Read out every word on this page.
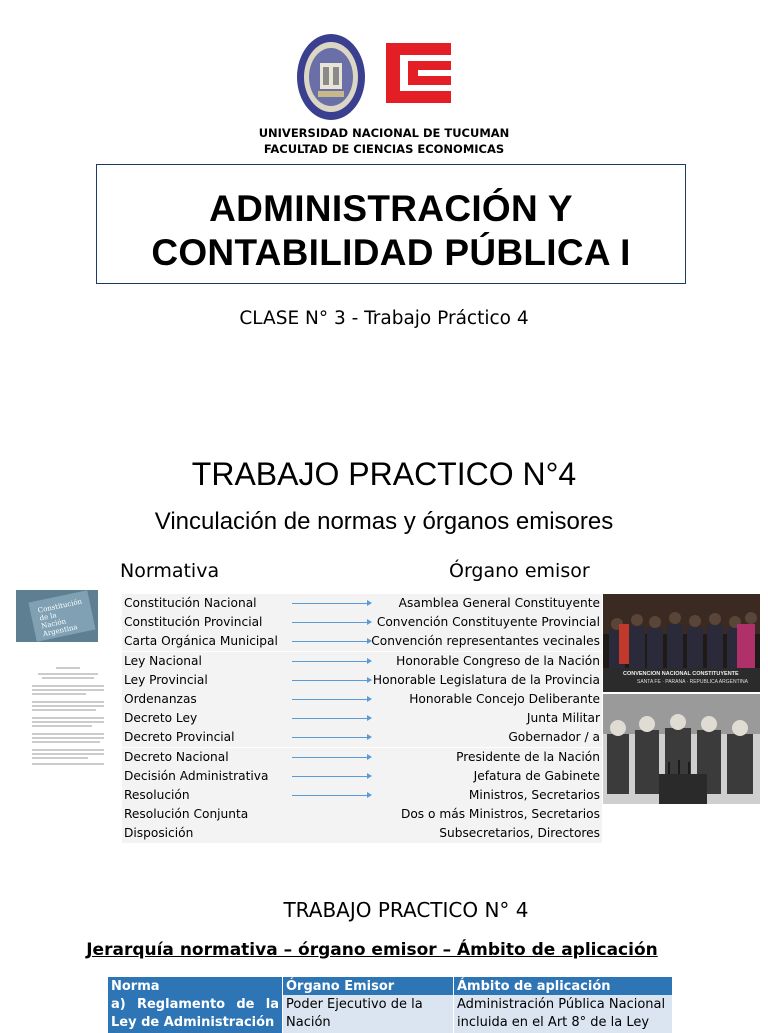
UNIVERSIDAD NACIONAL DE TUCUMAN
FACULTAD DE CIENCIAS ECONOMICAS
ADMINISTRACIÓN Y
CONTABILIDAD PÚBLICA I
CLASE N° 3 - Trabajo Práctico 4
TRABAJO PRACTICO N°4
Vinculación de normas y órganos emisores
Normativa	Órgano emisor
Constitución de la Nación Argentina
Constitución Nacional	Asamblea General Constituyente
Constitución Provincial	Convención Constituyente Provincial
Carta Orgánica Municipal	Convención representantes vecinales
Ley Nacional	Honorable Congreso de la Nación
Ley Provincial	Honorable Legislatura de la Provincia
Ordenanzas	Honorable Concejo Deliberante
Decreto Ley	Junta Militar
Decreto Provincial	Gobernador / a
Decreto Nacional	Presidente de la Nación
Decisión Administrativa	Jefatura de Gabinete
Resolución	Ministros, Secretarios
Resolución Conjunta	Dos o más Ministros, Secretarios
Disposición	Subsecretarios, Directores
CONVENCION NACIONAL CONSTITUYENTE
SANTA FE · PARANA · REPUBLICA ARGENTINA
TRABAJO PRACTICO N° 4
Jerarquía normativa – órgano emisor – Ámbito de aplicación
Norma	Órgano Emisor	Ámbito de aplicación
a) Reglamento de la Ley de Administración	Poder Ejecutivo de la Nación	Administración Pública Nacional incluida en el Art 8° de la Ley
